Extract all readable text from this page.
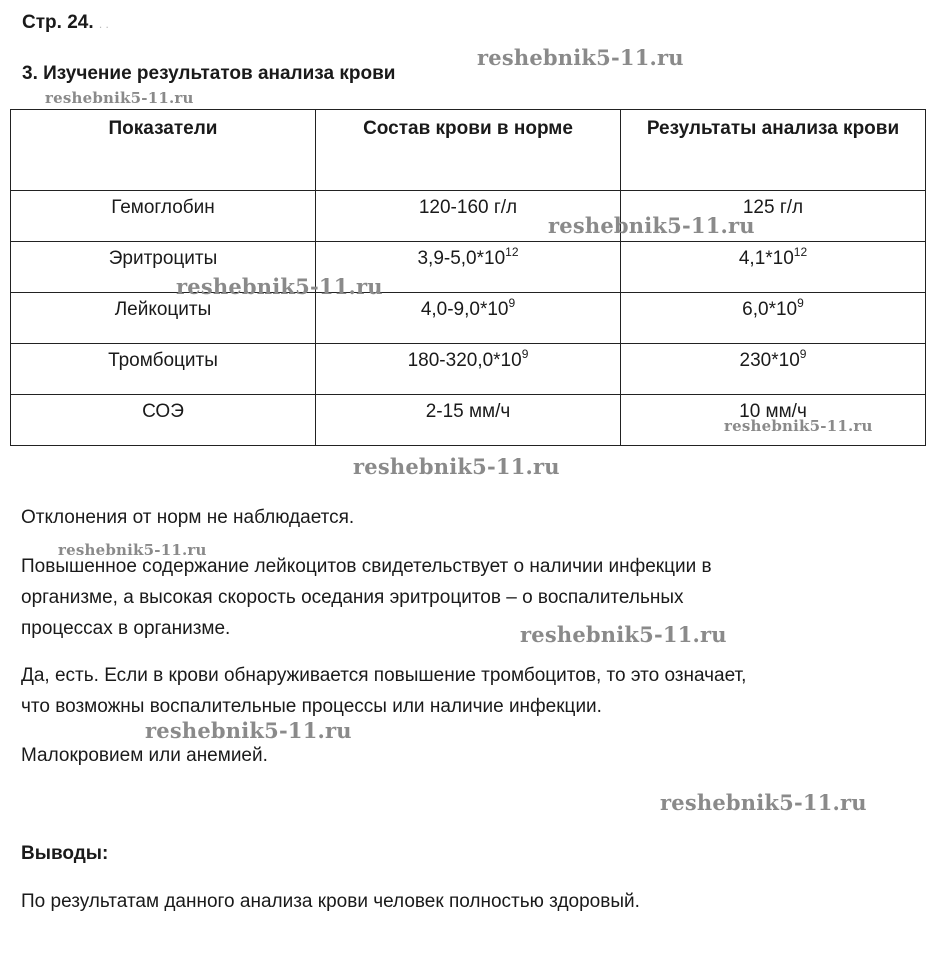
Стр. 24. . .
3. Изучение результатов анализа крови
Показатели	Состав крови в норме	Результаты анализа крови
Гемоглобин	120-160 г/л	125 г/л
Эритроциты	$3,9-5,0*10^{12}$	$4,1*10^{12}$
Лейкоциты	$4,0-9,0*10^9$	$6,0*10^9$
Тромбоциты	$180-320,0*10^9$	$230*10^9$
СОЭ	2-15 мм/ч	10 мм/ч
Отклонения от норм не наблюдается.
Повышенное содержание лейкоцитов свидетельствует о наличии инфекции в
организме, а высокая скорость оседания эритроцитов – о воспалительных
процессах в организме.
Да, есть. Если в крови обнаруживается повышение тромбоцитов, то это означает,
что возможны воспалительные процессы или наличие инфекции.
Малокровием или анемией.
Выводы:
По результатам данного анализа крови человек полностью здоровый.
reshebnik5-11.ru
reshebnik5-11.ru
reshebnik5-11.ru
reshebnik5-11.ru
reshebnik5-11.ru
reshebnik5-11.ru
reshebnik5-11.ru
reshebnik5-11.ru
reshebnik5-11.ru
reshebnik5-11.ru
